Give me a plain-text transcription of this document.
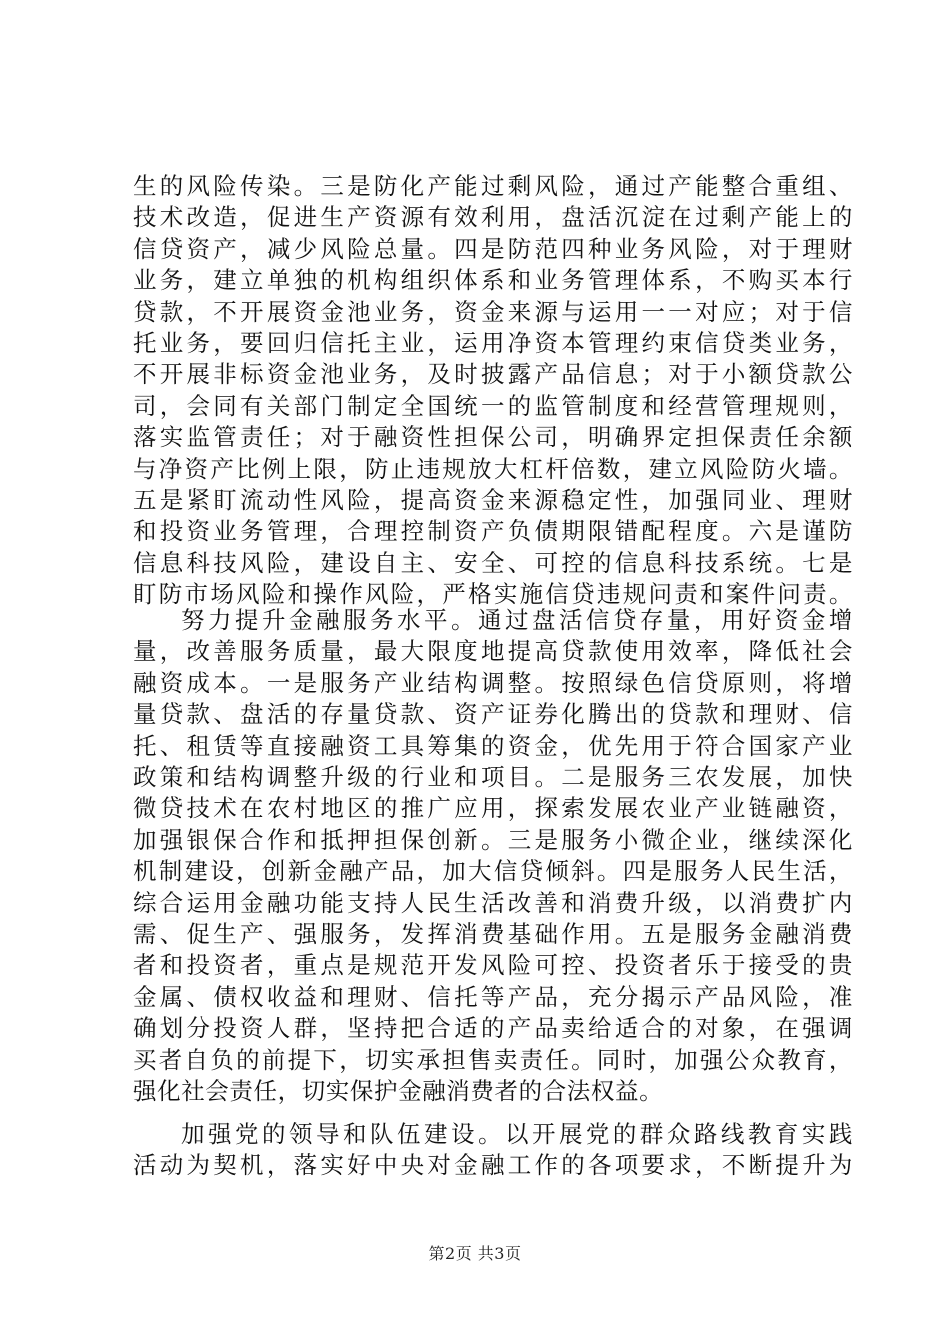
生的风险传染。三是防化产能过剩风险，通过产能整合重组、
技术改造，促进生产资源有效利用，盘活沉淀在过剩产能上的
信贷资产，减少风险总量。四是防范四种业务风险，对于理财
业务，建立单独的机构组织体系和业务管理体系，不购买本行
贷款，不开展资金池业务，资金来源与运用一一对应；对于信
托业务，要回归信托主业，运用净资本管理约束信贷类业务，
不开展非标资金池业务，及时披露产品信息；对于小额贷款公
司，会同有关部门制定全国统一的监管制度和经营管理规则，
落实监管责任；对于融资性担保公司，明确界定担保责任余额
与净资产比例上限，防止违规放大杠杆倍数，建立风险防火墙。
五是紧盯流动性风险，提高资金来源稳定性，加强同业、理财
和投资业务管理，合理控制资产负债期限错配程度。六是谨防
信息科技风险，建设自主、安全、可控的信息科技系统。七是
盯防市场风险和操作风险，严格实施信贷违规问责和案件问责。
努力提升金融服务水平。通过盘活信贷存量，用好资金增
量，改善服务质量，最大限度地提高贷款使用效率，降低社会
融资成本。一是服务产业结构调整。按照绿色信贷原则，将增
量贷款、盘活的存量贷款、资产证券化腾出的贷款和理财、信
托、租赁等直接融资工具筹集的资金，优先用于符合国家产业
政策和结构调整升级的行业和项目。二是服务三农发展，加快
微贷技术在农村地区的推广应用，探索发展农业产业链融资，
加强银保合作和抵押担保创新。三是服务小微企业，继续深化
机制建设，创新金融产品，加大信贷倾斜。四是服务人民生活，
综合运用金融功能支持人民生活改善和消费升级，以消费扩内
需、促生产、强服务，发挥消费基础作用。五是服务金融消费
者和投资者，重点是规范开发风险可控、投资者乐于接受的贵
金属、债权收益和理财、信托等产品，充分揭示产品风险，准
确划分投资人群，坚持把合适的产品卖给适合的对象，在强调
买者自负的前提下，切实承担售卖责任。同时，加强公众教育，
强化社会责任，切实保护金融消费者的合法权益。
加强党的领导和队伍建设。以开展党的群众路线教育实践
活动为契机，落实好中央对金融工作的各项要求，不断提升为
第2页 共3页
